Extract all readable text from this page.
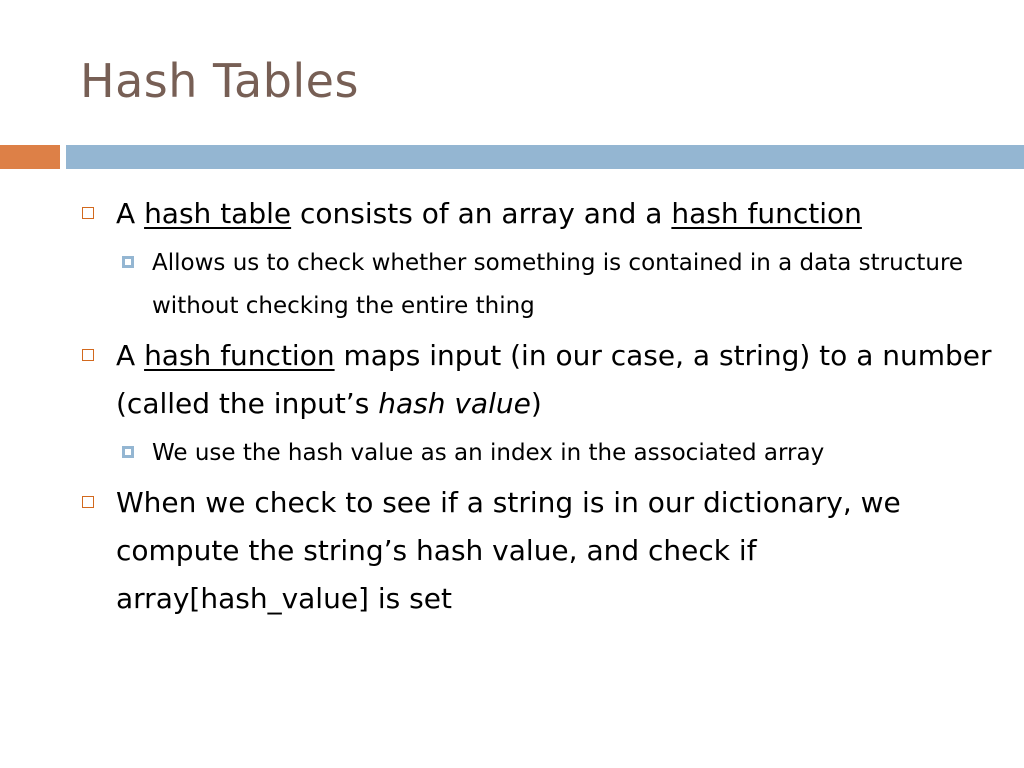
Hash Tables
A hash table consists of an array and a hash function
Allows us to check whether something is contained in a data structure without checking the entire thing
A hash function maps input (in our case, a string) to a number (called the input’s hash value)
We use the hash value as an index in the associated array
When we check to see if a string is in our dictionary, we compute the string’s hash value, and check if array[hash_value] is set
